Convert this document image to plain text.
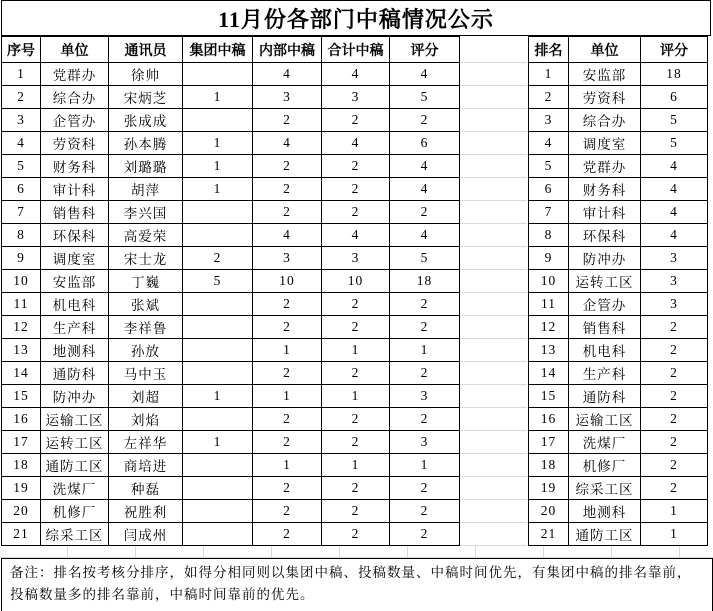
11月份各部门中稿情况公示
序号	单位	通讯员	集团中稿	内部中稿	合计中稿	评分
1	党群办	徐帅		4	4	4
2	综合办	宋炳芝	1	3	3	5
3	企管办	张成成		2	2	2
4	劳资科	孙本腾	1	4	4	6
5	财务科	刘璐璐	1	2	2	4
6	审计科	胡萍	1	2	2	4
7	销售科	李兴国		2	2	2
8	环保科	高爱荣		4	4	4
9	调度室	宋士龙	2	3	3	5
10	安监部	丁巍	5	10	10	18
11	机电科	张斌		2	2	2
12	生产科	李祥鲁		2	2	2
13	地测科	孙放		1	1	1
14	通防科	马中玉		2	2	2
15	防冲办	刘超	1	1	1	3
16	运输工区	刘焰		2	2	2
17	运转工区	左祥华	1	2	2	3
18	通防工区	商培进		1	1	1
19	洗煤厂	种磊		2	2	2
20	机修厂	祝胜利		2	2	2
21	综采工区	闫成州		2	2	2
排名	单位	评分
1	安监部	18
2	劳资科	6
3	综合办	5
4	调度室	5
5	党群办	4
6	财务科	4
7	审计科	4
8	环保科	4
9	防冲办	3
10	运转工区	3
11	企管办	3
12	销售科	2
13	机电科	2
14	生产科	2
15	通防科	2
16	运输工区	2
17	洗煤厂	2
18	机修厂	2
19	综采工区	2
20	地测科	1
21	通防工区	1
备注：排名按考核分排序，如得分相同则以集团中稿、投稿数量、中稿时间优先，有集团中稿的排名靠前，投稿数量多的排名靠前，中稿时间靠前的优先。
